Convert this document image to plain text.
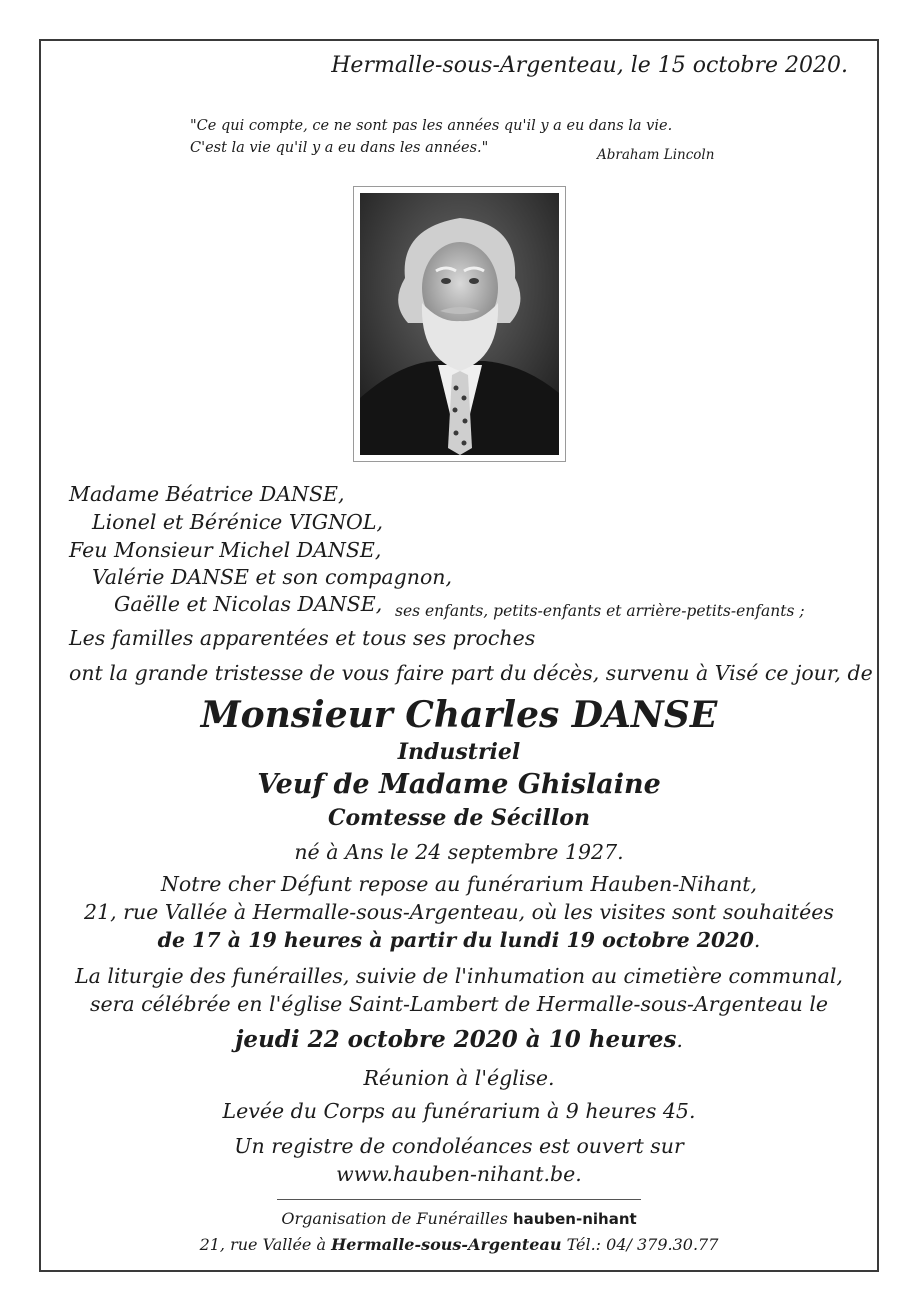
Hermalle-sous-Argenteau, le 15 octobre 2020.
"Ce qui compte, ce ne sont pas les années qu'il y a eu dans la vie.
C'est la vie qu'il y a eu dans les années."	Abraham Lincoln
Madame Béatrice DANSE,
Lionel et Bérénice VIGNOL,
Feu Monsieur Michel DANSE,
Valérie DANSE et son compagnon,
Gaëlle et Nicolas DANSE, ses enfants, petits-enfants et arrière-petits-enfants ;
Les familles apparentées et tous ses proches
ont la grande tristesse de vous faire part du décès, survenu à Visé ce jour, de
Monsieur Charles DANSE
Industriel
Veuf de Madame Ghislaine
Comtesse de Sécillon
né à Ans le 24 septembre 1927.
Notre cher Défunt repose au funérarium Hauben-Nihant,
21, rue Vallée à Hermalle-sous-Argenteau, où les visites sont souhaitées
de 17 à 19 heures à partir du lundi 19 octobre 2020.
La liturgie des funérailles, suivie de l'inhumation au cimetière communal,
sera célébrée en l'église Saint-Lambert de Hermalle-sous-Argenteau le
jeudi 22 octobre 2020 à 10 heures.
Réunion à l'église.
Levée du Corps au funérarium à 9 heures 45.
Un registre de condoléances est ouvert sur
www.hauben-nihant.be.
Organisation de Funérailles hauben-nihant
21, rue Vallée à Hermalle-sous-Argenteau Tél.: 04/ 379.30.77
